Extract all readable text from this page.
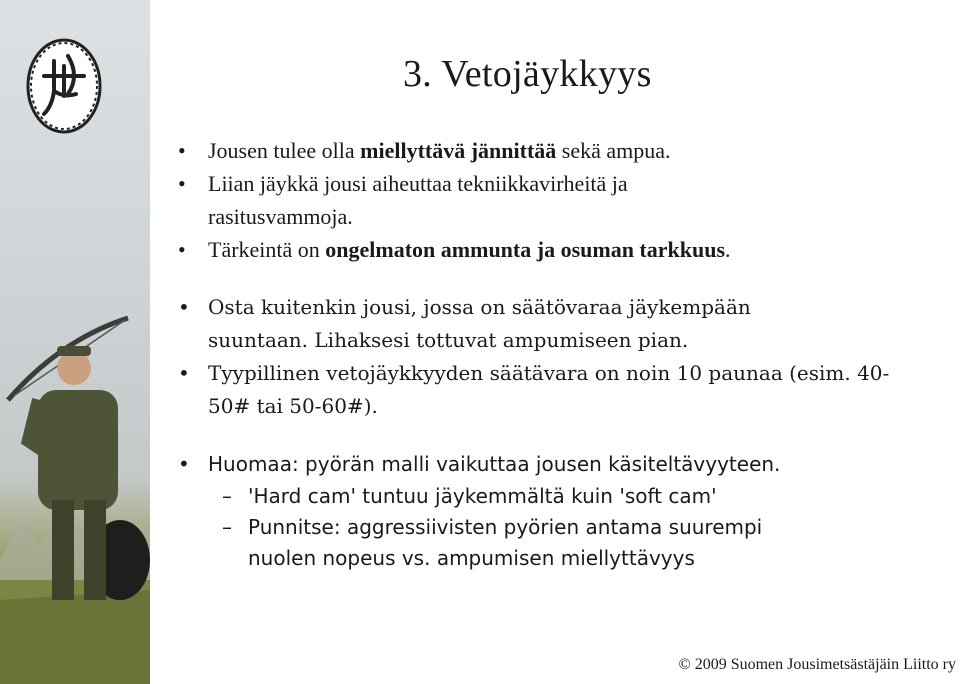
3. Vetojäykkyys
• Jousen tulee olla miellyttävä jännittää sekä ampua.
• Liian jäykkä jousi aiheuttaa tekniikkavirheitä ja rasitusvammoja.
• Tärkeintä on ongelmaton ammunta ja osuman tarkkuus.
• Osta kuitenkin jousi, jossa on säätövaraa jäykempään suuntaan. Lihaksesi tottuvat ampumiseen pian.
• Tyypillinen vetojäykkyyden säätävara on noin 10 paunaa (esim. 40-50# tai 50-60#).
• Huomaa: pyörän malli vaikuttaa jousen käsiteltävyyteen.
– 'Hard cam' tuntuu jäykemmältä kuin 'soft cam'
– Punnitse: aggressiivisten pyörien antama suurempi nuolen nopeus vs. ampumisen miellyttävyys
© 2009 Suomen Jousimetsästäjäin Liitto ry
